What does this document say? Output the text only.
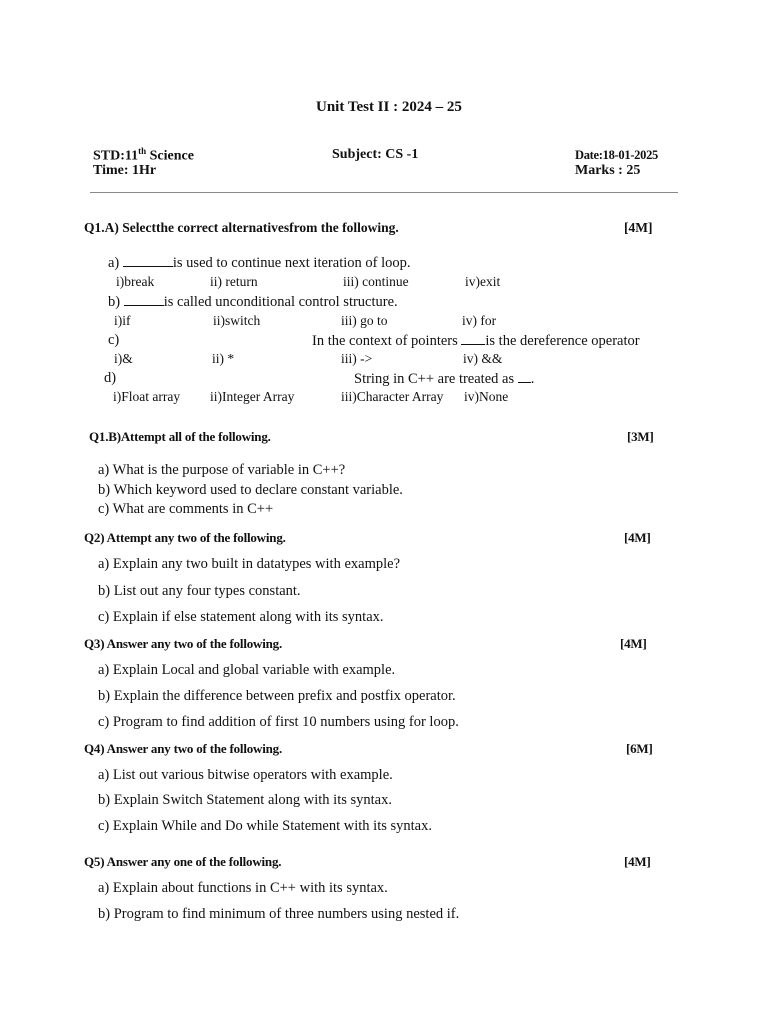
Unit Test II : 2024 – 25
STD:11th Science	Subject: CS -1	Date:18-01-2025
Time: 1Hr	Marks : 25
Q1.A) Selectthe correct alternativesfrom the following.	[4M]
a)	is used to continue next iteration of loop.
i)break	ii) return	iii) continue	iv)exit
b)	is called unconditional control structure.
i)if	ii)switch	iii) go to	iv) for
c)	In the context of pointers is the dereference operator
i)&	ii) *	iii) ->	iv) &&
d)	String in C++ are treated as .
i)Float array ii)Integer Array	iii)Character Array iv)None
Q1.B)Attempt all of the following.	[3M]
a) What is the purpose of variable in C++?
b) Which keyword used to declare constant variable.
c) What are comments in C++
Q2) Attempt any two of the following.	[4M]
a) Explain any two built in datatypes with example?
b) List out any four types constant.
c) Explain if else statement along with its syntax.
Q3) Answer any two of the following.	[4M]
a) Explain Local and global variable with example.
b) Explain the difference between prefix and postfix operator.
c) Program to find addition of first 10 numbers using for loop.
Q4) Answer any two of the following.	[6M]
a) List out various bitwise operators with example.
b) Explain Switch Statement along with its syntax.
c) Explain While and Do while Statement with its syntax.
Q5) Answer any one of the following.	[4M]
a) Explain about functions in C++ with its syntax.
b) Program to find minimum of three numbers using nested if.
